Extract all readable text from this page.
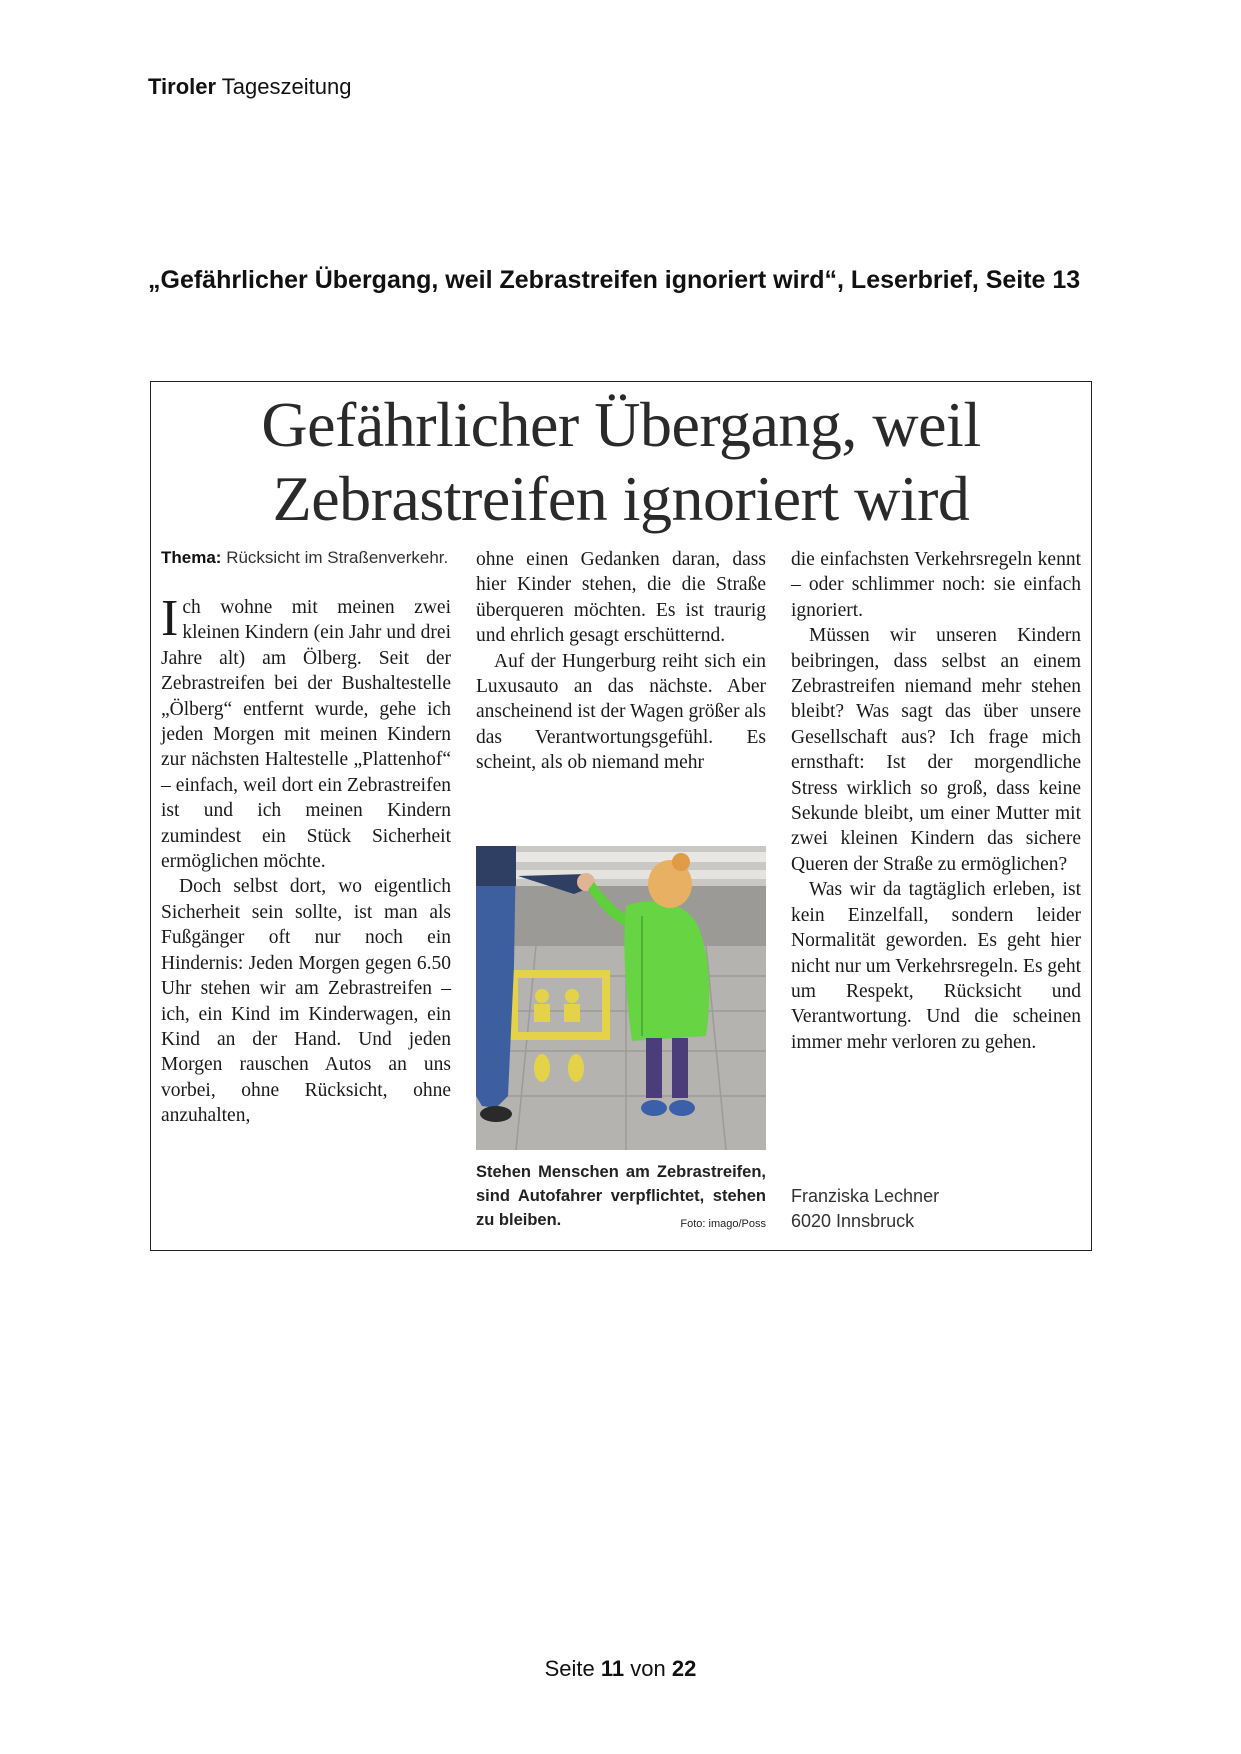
Tiroler Tageszeitung
„Gefährlicher Übergang, weil Zebrastreifen ignoriert wird“, Leserbrief, Seite 13
Gefährlicher Übergang, weil
Zebrastreifen ignoriert wird
Thema: Rücksicht im Straßenverkehr.

Ich wohne mit meinen zwei kleinen Kindern (ein Jahr und drei Jahre alt) am Ölberg. Seit der Zebrastreifen bei der Bushaltestelle „Ölberg“ entfernt wurde, gehe ich jeden Morgen mit meinen Kindern zur nächsten Haltestelle „Plattenhof“ – einfach, weil dort ein Zebrastreifen ist und ich meinen Kindern zumindest ein Stück Sicherheit ermöglichen möchte.

Doch selbst dort, wo eigentlich Sicherheit sein sollte, ist man als Fußgänger oft nur noch ein Hindernis: Jeden Morgen gegen 6.50 Uhr stehen wir am Zebrastreifen – ich, ein Kind im Kinderwagen, ein Kind an der Hand. Und jeden Morgen rauschen Autos an uns vorbei, ohne Rücksicht, ohne anzuhalten,

ohne einen Gedanken daran, dass hier Kinder stehen, die die Straße überqueren möchten. Es ist traurig und ehrlich gesagt erschütternd.

Auf der Hungerburg reiht sich ein Luxusauto an das nächste. Aber anscheinend ist der Wagen größer als das Verantwortungsgefühl. Es scheint, als ob niemand mehr

Stehen Menschen am Zebrastreifen, sind Autofahrer verpflichtet, stehen zu bleiben.	Foto: imago/Poss

die einfachsten Verkehrsregeln kennt – oder schlimmer noch: sie einfach ignoriert.

Müssen wir unseren Kindern beibringen, dass selbst an einem Zebrastreifen niemand mehr stehen bleibt? Was sagt das über unsere Gesellschaft aus? Ich frage mich ernsthaft: Ist der morgendliche Stress wirklich so groß, dass keine Sekunde bleibt, um einer Mutter mit zwei kleinen Kindern das sichere Queren der Straße zu ermöglichen?

Was wir da tagtäglich erleben, ist kein Einzelfall, sondern leider Normalität geworden. Es geht hier nicht nur um Verkehrsregeln. Es geht um Respekt, Rücksicht und Verantwortung. Und die scheinen immer mehr verloren zu gehen.

Franziska Lechner
6020 Innsbruck
Seite 11 von 22
